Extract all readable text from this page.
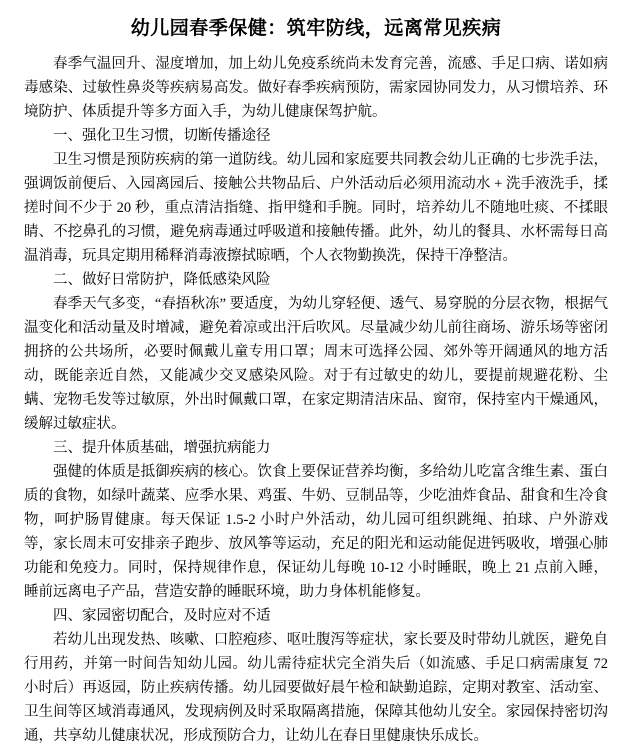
幼儿园春季保健：筑牢防线，远离常见疾病

春季气温回升、湿度增加，加上幼儿免疫系统尚未发育完善，流感、手足口病、诺如病毒感染、过敏性鼻炎等疾病易高发。做好春季疾病预防，需家园协同发力，从习惯培养、环境防护、体质提升等多方面入手，为幼儿健康保驾护航。

一、强化卫生习惯，切断传播途径

卫生习惯是预防疾病的第一道防线。幼儿园和家庭要共同教会幼儿正确的七步洗手法，强调饭前便后、入园离园后、接触公共物品后、户外活动后必须用流动水 + 洗手液洗手，揉搓时间不少于 20 秒，重点清洁指缝、指甲缝和手腕。同时，培养幼儿不随地吐痰、不揉眼睛、不挖鼻孔的习惯，避免病毒通过呼吸道和接触传播。此外，幼儿的餐具、水杯需每日高温消毒，玩具定期用稀释消毒液擦拭晾晒，个人衣物勤换洗，保持干净整洁。

二、做好日常防护，降低感染风险

春季天气多变，“春捂秋冻” 要适度，为幼儿穿轻便、透气、易穿脱的分层衣物，根据气温变化和活动量及时增减，避免着凉或出汗后吹风。尽量减少幼儿前往商场、游乐场等密闭拥挤的公共场所，必要时佩戴儿童专用口罩；周末可选择公园、郊外等开阔通风的地方活动，既能亲近自然，又能减少交叉感染风险。对于有过敏史的幼儿，要提前规避花粉、尘螨、宠物毛发等过敏原，外出时佩戴口罩，在家定期清洁床品、窗帘，保持室内干燥通风，缓解过敏症状。

三、提升体质基础，增强抗病能力

强健的体质是抵御疾病的核心。饮食上要保证营养均衡，多给幼儿吃富含维生素、蛋白质的食物，如绿叶蔬菜、应季水果、鸡蛋、牛奶、豆制品等，少吃油炸食品、甜食和生冷食物，呵护肠胃健康。每天保证 1.5-2 小时户外活动，幼儿园可组织跳绳、拍球、户外游戏等，家长周末可安排亲子跑步、放风筝等运动，充足的阳光和运动能促进钙吸收，增强心肺功能和免疫力。同时，保持规律作息，保证幼儿每晚 10-12 小时睡眠，晚上 21 点前入睡，睡前远离电子产品，营造安静的睡眠环境，助力身体机能修复。

四、家园密切配合，及时应对不适

若幼儿出现发热、咳嗽、口腔疱疹、呕吐腹泻等症状，家长要及时带幼儿就医，避免自行用药，并第一时间告知幼儿园。幼儿需待症状完全消失后（如流感、手足口病需康复 72 小时后）再返园，防止疾病传播。幼儿园要做好晨午检和缺勤追踪，定期对教室、活动室、卫生间等区域消毒通风，发现病例及时采取隔离措施，保障其他幼儿安全。家园保持密切沟通，共享幼儿健康状况，形成预防合力，让幼儿在春日里健康快乐成长。
